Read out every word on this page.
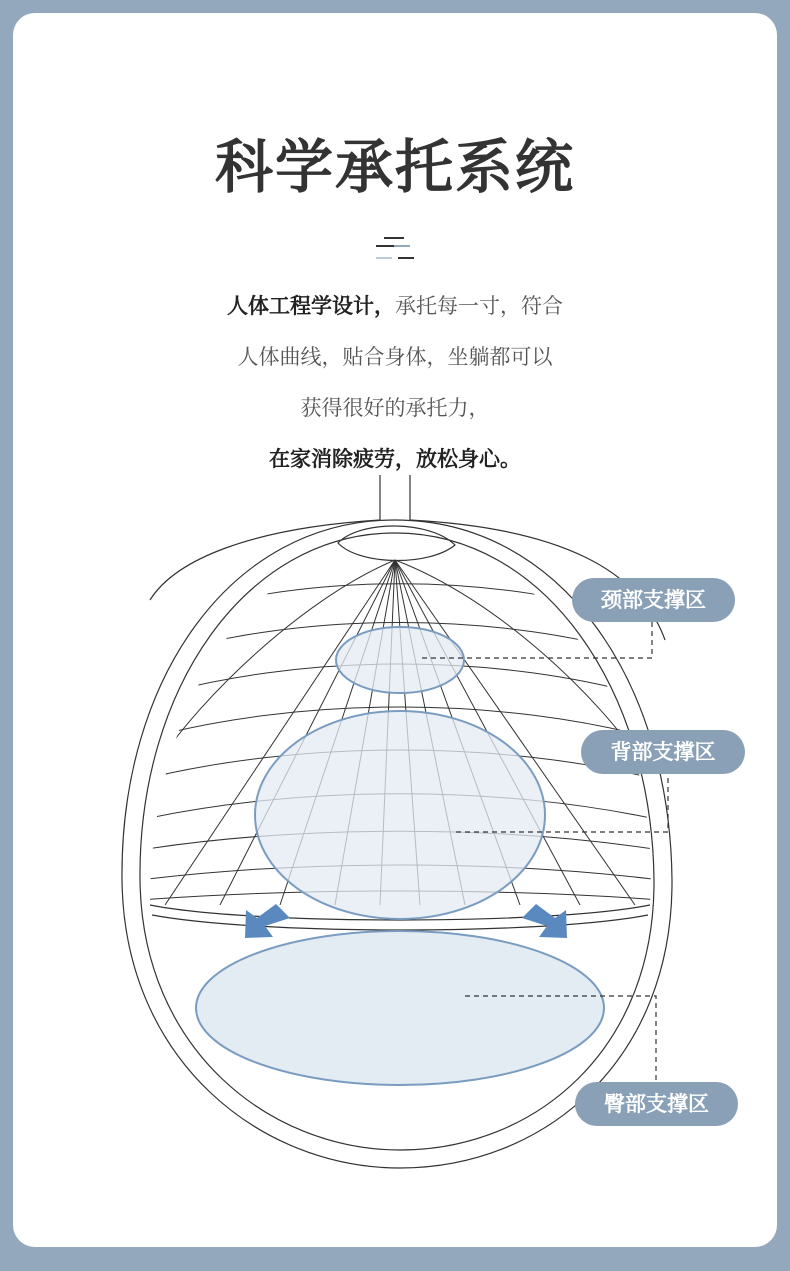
科学承托系统

人体工程学设计，承托每一寸，符合

人体曲线，贴合身体，坐躺都可以

获得很好的承托力，

在家消除疲劳，放松身心。

颈部支撑区
背部支撑区
臀部支撑区
